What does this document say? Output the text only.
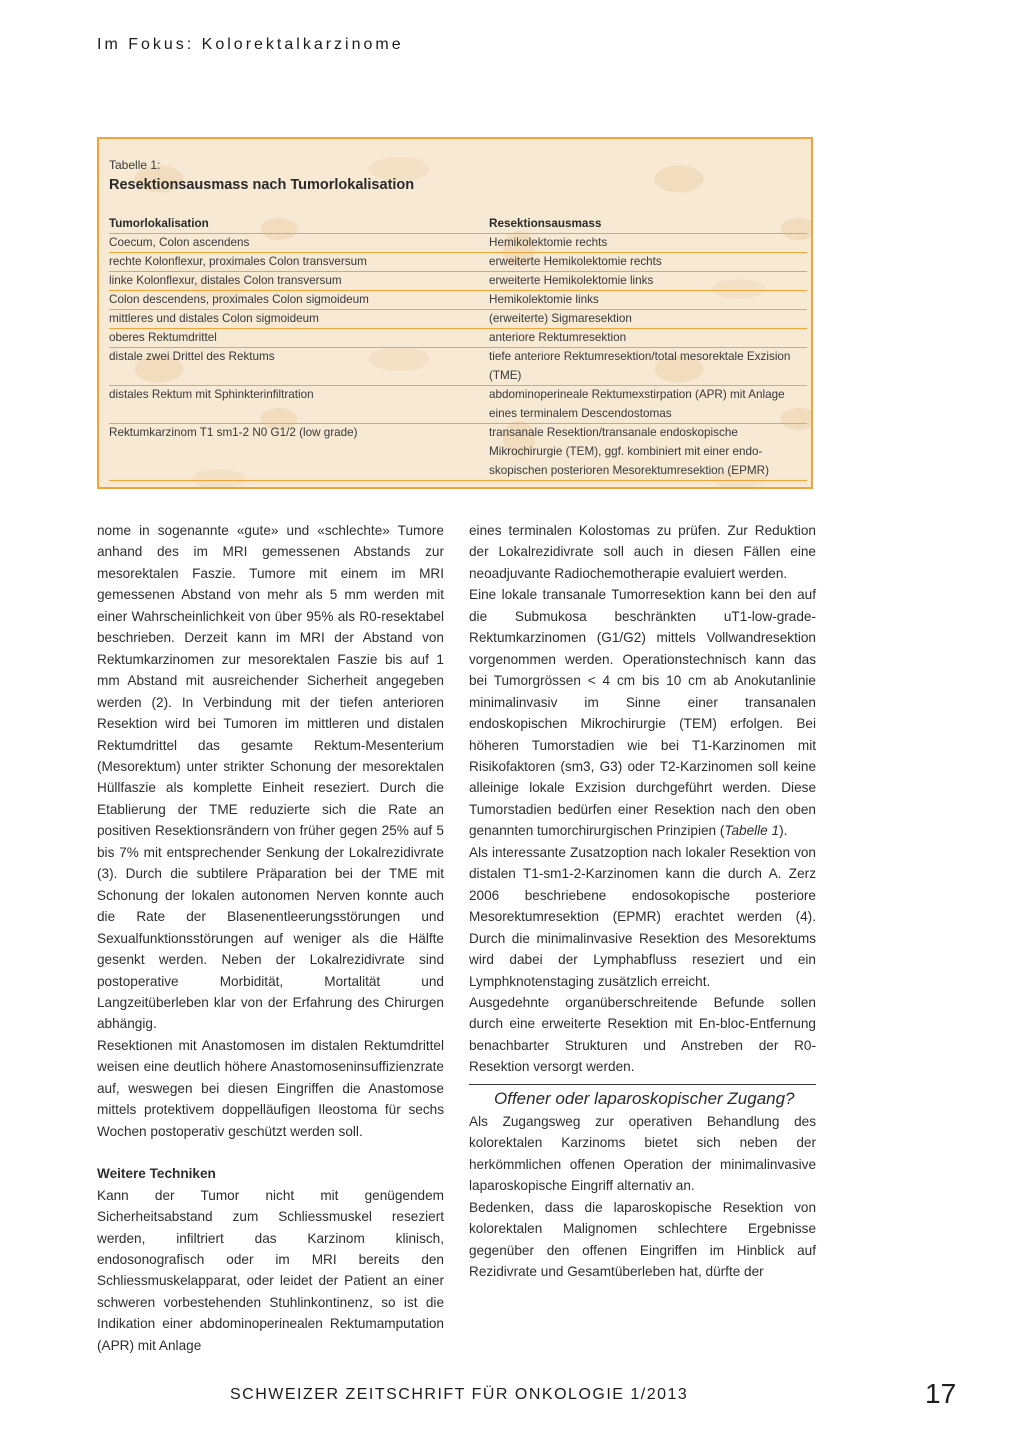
Im Fokus: Kolorektalkarzinome
Tabelle 1:
Resektionsausmass nach Tumorlokalisation
Tumorlokalisation	Resektionsausmass
Coecum, Colon ascendens	Hemikolektomie rechts
rechte Kolonflexur, proximales Colon transversum	erweiterte Hemikolektomie rechts
linke Kolonflexur, distales Colon transversum	erweiterte Hemikolektomie links
Colon descendens, proximales Colon sigmoideum	Hemikolektomie links
mittleres und distales Colon sigmoideum	(erweiterte) Sigmaresektion
oberes Rektumdrittel	anteriore Rektumresektion
distale zwei Drittel des Rektums	tiefe anteriore Rektumresektion/total mesorektale Exzision (TME)
distales Rektum mit Sphinkterinfiltration	abdominoperineale Rektumexstirpation (APR) mit Anlage eines terminalem Descendostomas
Rektumkarzinom T1 sm1-2 N0 G1/2 (low grade)	transanale Resektion/transanale endoskopische Mikrochirurgie (TEM), ggf. kombiniert mit einer endo-skopischen posterioren Mesorektumresektion (EPMR)

nome in sogenannte «gute» und «schlechte» Tumore anhand des im MRI gemessenen Abstands zur mesorektalen Faszie. Tumore mit einem im MRI gemessenen Abstand von mehr als 5 mm werden mit einer Wahrscheinlichkeit von über 95% als R0-resektabel beschrieben. Derzeit kann im MRI der Abstand von Rektumkarzinomen zur mesorektalen Faszie bis auf 1 mm Abstand mit ausreichender Sicherheit angegeben werden (2). In Verbindung mit der tiefen anterioren Resektion wird bei Tumoren im mittleren und distalen Rektumdrittel das gesamte Rektum-Mesenterium (Mesorektum) unter strikter Schonung der mesorektalen Hüllfaszie als komplette Einheit reseziert. Durch die Etablierung der TME reduzierte sich die Rate an positiven Resektionsrändern von früher gegen 25% auf 5 bis 7% mit entsprechender Senkung der Lokalrezidivrate (3). Durch die subtilere Präparation bei der TME mit Schonung der lokalen autonomen Nerven konnte auch die Rate der Blasenentleerungsstörungen und Sexualfunktionsstörungen auf weniger als die Hälfte gesenkt werden. Neben der Lokalrezidivrate sind postoperative Morbidität, Mortalität und Langzeitüberleben klar von der Erfahrung des Chirurgen abhängig.

Resektionen mit Anastomosen im distalen Rektumdrittel weisen eine deutlich höhere Anastomoseninsuffizienzrate auf, weswegen bei diesen Eingriffen die Anastomose mittels protektivem doppelläufigen Ileostoma für sechs Wochen postoperativ geschützt werden soll.

Weitere Techniken

Kann der Tumor nicht mit genügendem Sicherheitsabstand zum Schliessmuskel reseziert werden, infiltriert das Karzinom klinisch, endosonografisch oder im MRI bereits den Schliessmuskelapparat, oder leidet der Patient an einer schweren vorbestehenden Stuhlinkontinenz, so ist die Indikation einer abdominoperinealen Rektumamputation (APR) mit Anlage

eines terminalen Kolostomas zu prüfen. Zur Reduktion der Lokalrezidivrate soll auch in diesen Fällen eine neoadjuvante Radiochemotherapie evaluiert werden.

Eine lokale transanale Tumorresektion kann bei den auf die Submukosa beschränkten uT1-low-grade-Rektumkarzinomen (G1/G2) mittels Vollwandresektion vorgenommen werden. Operationstechnisch kann das bei Tumorgrössen < 4 cm bis 10 cm ab Anokutanlinie minimalinvasiv im Sinne einer transanalen endoskopischen Mikrochirurgie (TEM) erfolgen. Bei höheren Tumorstadien wie bei T1-Karzinomen mit Risikofaktoren (sm3, G3) oder T2-Karzinomen soll keine alleinige lokale Exzision durchgeführt werden. Diese Tumorstadien bedürfen einer Resektion nach den oben genannten tumorchirurgischen Prinzipien (Tabelle 1).

Als interessante Zusatzoption nach lokaler Resektion von distalen T1-sm1-2-Karzinomen kann die durch A. Zerz 2006 beschriebene endosokopische posteriore Mesorektumresektion (EPMR) erachtet werden (4). Durch die minimalinvasive Resektion des Mesorektums wird dabei der Lymphabfluss reseziert und ein Lymphknotenstaging zusätzlich erreicht.

Ausgedehnte organüberschreitende Befunde sollen durch eine erweiterte Resektion mit En-bloc-Entfernung benachbarter Strukturen und Anstreben der R0-Resektion versorgt werden.

Offener oder laparoskopischer Zugang?

Als Zugangsweg zur operativen Behandlung des kolorektalen Karzinoms bietet sich neben der herkömmlichen offenen Operation der minimalinvasive laparoskopische Eingriff alternativ an.

Bedenken, dass die laparoskopische Resektion von kolorektalen Malignomen schlechtere Ergebnisse gegenüber den offenen Eingriffen im Hinblick auf Rezidivrate und Gesamtüberleben hat, dürfte der

SCHWEIZER ZEITSCHRIFT FÜR ONKOLOGIE 1/2013	17
